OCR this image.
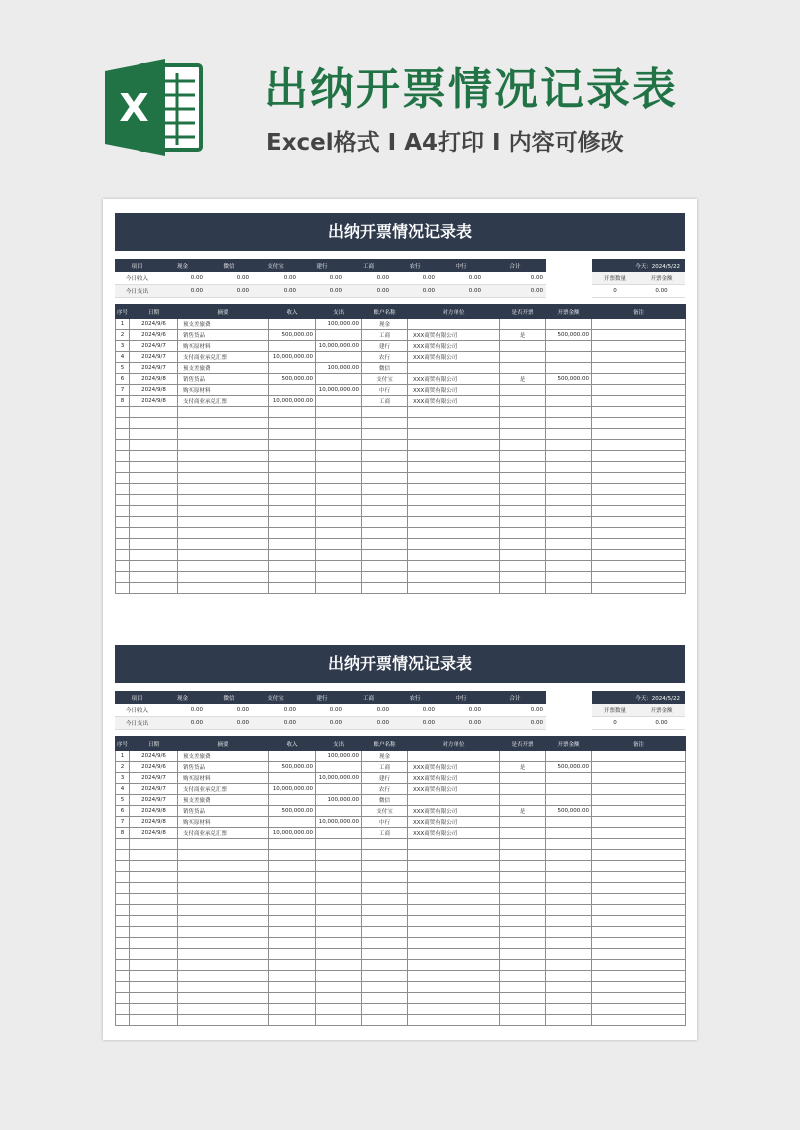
X	出纳开票情况记录表
Excel格式 I A4打印 I 内容可修改
出纳开票情况记录表
项目	现金	微信	支付宝	建行	工商	农行	中行	合计	
今日收入	0.00	0.00	0.00	0.00	0.00	0.00	0.00	0.00	
今日支出	0.00	0.00	0.00	0.00	0.00	0.00	0.00	0.00	
今天：2024/5/22	
开票数量	开票金额
0	0.00
序号	日期	摘要	收入	支出	账户名称	对方单位	是否开票	开票金额	备注
1	2024/9/6	预支差旅费		100,000.00	现金				
2	2024/9/6	销售货品	500,000.00		工商	XXX商贸有限公司	是	500,000.00	
3	2024/9/7	购买原材料		10,000,000.00	建行	XXX商贸有限公司			
4	2024/9/7	支付商业承兑汇票	10,000,000.00		农行	XXX商贸有限公司			
5	2024/9/7	预支差旅费		100,000.00	微信				
6	2024/9/8	销售货品	500,000.00		支付宝	XXX商贸有限公司	是	500,000.00	
7	2024/9/8	购买原材料		10,000,000.00	中行	XXX商贸有限公司			
8	2024/9/8	支付商业承兑汇票	10,000,000.00		工商	XXX商贸有限公司			

出纳开票情况记录表
项目	现金	微信	支付宝	建行	工商	农行	中行	合计	
今日收入	0.00	0.00	0.00	0.00	0.00	0.00	0.00	0.00	
今日支出	0.00	0.00	0.00	0.00	0.00	0.00	0.00	0.00	
今天：2024/5/22	
开票数量	开票金额
0	0.00
序号	日期	摘要	收入	支出	账户名称	对方单位	是否开票	开票金额	备注
1	2024/9/6	预支差旅费		100,000.00	现金				
2	2024/9/6	销售货品	500,000.00		工商	XXX商贸有限公司	是	500,000.00	
3	2024/9/7	购买原材料		10,000,000.00	建行	XXX商贸有限公司			
4	2024/9/7	支付商业承兑汇票	10,000,000.00		农行	XXX商贸有限公司			
5	2024/9/7	预支差旅费		100,000.00	微信				
6	2024/9/8	销售货品	500,000.00		支付宝	XXX商贸有限公司	是	500,000.00	
7	2024/9/8	购买原材料		10,000,000.00	中行	XXX商贸有限公司			
8	2024/9/8	支付商业承兑汇票	10,000,000.00		工商	XXX商贸有限公司			
